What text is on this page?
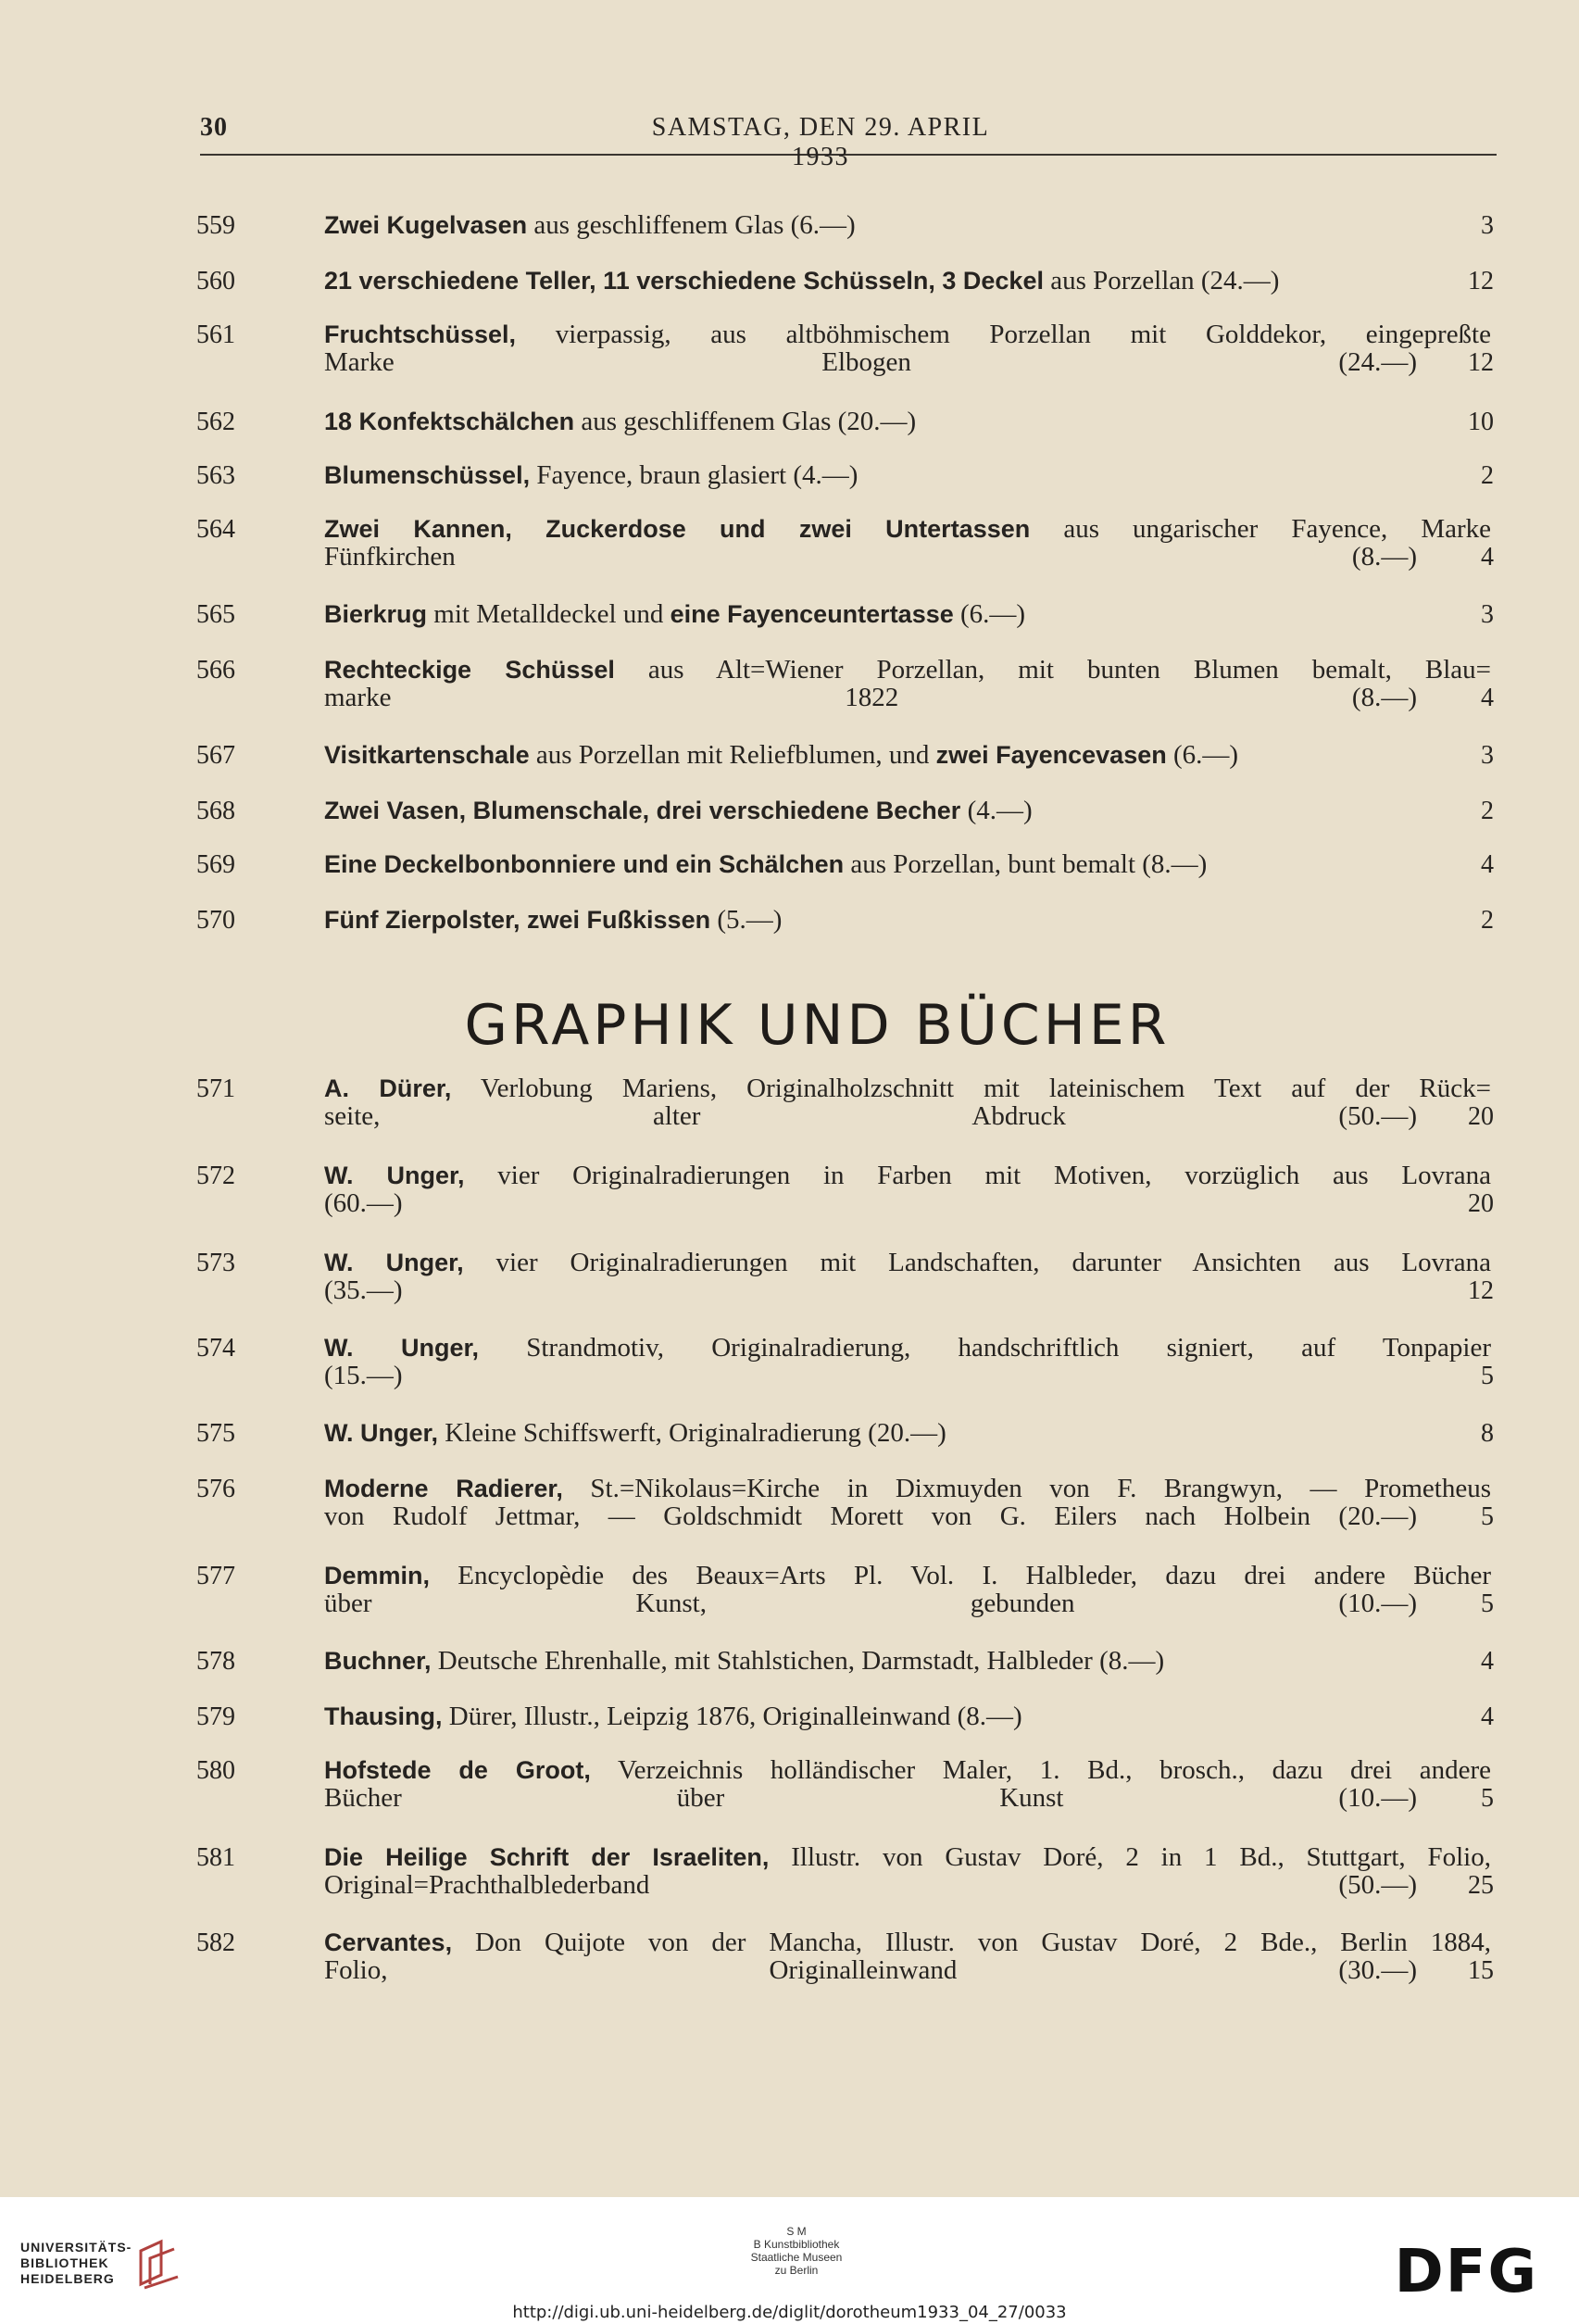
30	SAMSTAG, DEN 29. APRIL 1933
559	Zwei Kugelvasen aus geschliffenem Glas (6.—)	3
560	21 verschiedene Teller, 11 verschiedene Schüsseln, 3 Deckel aus Porzellan (24.—)	12
561	Fruchtschüssel, vierpassig, aus altböhmischem Porzellan mit Golddekor, eingepreßte
Marke Elbogen (24.—) 12
562	18 Konfektschälchen aus geschliffenem Glas (20.—)	10
563	Blumenschüssel, Fayence, braun glasiert (4.—)	2
564	Zwei Kannen, Zuckerdose und zwei Untertassen aus ungarischer Fayence, Marke
Fünfkirchen (8.—) 4
565	Bierkrug mit Metalldeckel und eine Fayenceuntertasse (6.—)	3
566	Rechteckige Schüssel aus Alt=Wiener Porzellan, mit bunten Blumen bemalt, Blau=
marke 1822 (8.—) 4
567	Visitkartenschale aus Porzellan mit Reliefblumen, und zwei Fayencevasen (6.—)	3
568	Zwei Vasen, Blumenschale, drei verschiedene Becher (4.—)	2
569	Eine Deckelbonbonniere und ein Schälchen aus Porzellan, bunt bemalt (8.—)	4
570	Fünf Zierpolster, zwei Fußkissen (5.—)	2
571	A. Dürer, Verlobung Mariens, Originalholzschnitt mit lateinischem Text auf der Rück=
seite, alter Abdruck (50.—) 20
572	W. Unger, vier Originalradierungen in Farben mit Motiven, vorzüglich aus Lovrana
(60.—)	20
573	W. Unger, vier Originalradierungen mit Landschaften, darunter Ansichten aus Lovrana
(35.—)	12
574	W. Unger, Strandmotiv, Originalradierung, handschriftlich signiert, auf Tonpapier
(15.—)	5
575	W. Unger, Kleine Schiffswerft, Originalradierung (20.—)	8
576	Moderne Radierer, St.=Nikolaus=Kirche in Dixmuyden von F. Brangwyn, — Prometheus
von Rudolf Jettmar, — Goldschmidt Morett von G. Eilers nach Holbein (20.—) 5
577	Demmin, Encyclopèdie des Beaux=Arts Pl. Vol. I. Halbleder, dazu drei andere Bücher
über Kunst, gebunden (10.—) 5
578	Buchner, Deutsche Ehrenhalle, mit Stahlstichen, Darmstadt, Halbleder (8.—)	4
579	Thausing, Dürer, Illustr., Leipzig 1876, Originalleinwand (8.—)	4
580	Hofstede de Groot, Verzeichnis holländischer Maler, 1. Bd., brosch., dazu drei andere
Bücher über Kunst (10.—) 5
581	Die Heilige Schrift der Israeliten, Illustr. von Gustav Doré, 2 in 1 Bd., Stuttgart, Folio,
Original=Prachthalblederband (50.—) 25
582	Cervantes, Don Quijote von der Mancha, Illustr. von Gustav Doré, 2 Bde., Berlin 1884,
Folio, Originalleinwand (30.—) 15
GRAPHIK UND BÜCHER
UNIVERSITÄTS-
BIBLIOTHEK
HEIDELBERG
S M
B Kunstbibliothek
Staatliche Museen
zu Berlin	DFG
http://digi.ub.uni-heidelberg.de/diglit/dorotheum1933_04_27/0033
